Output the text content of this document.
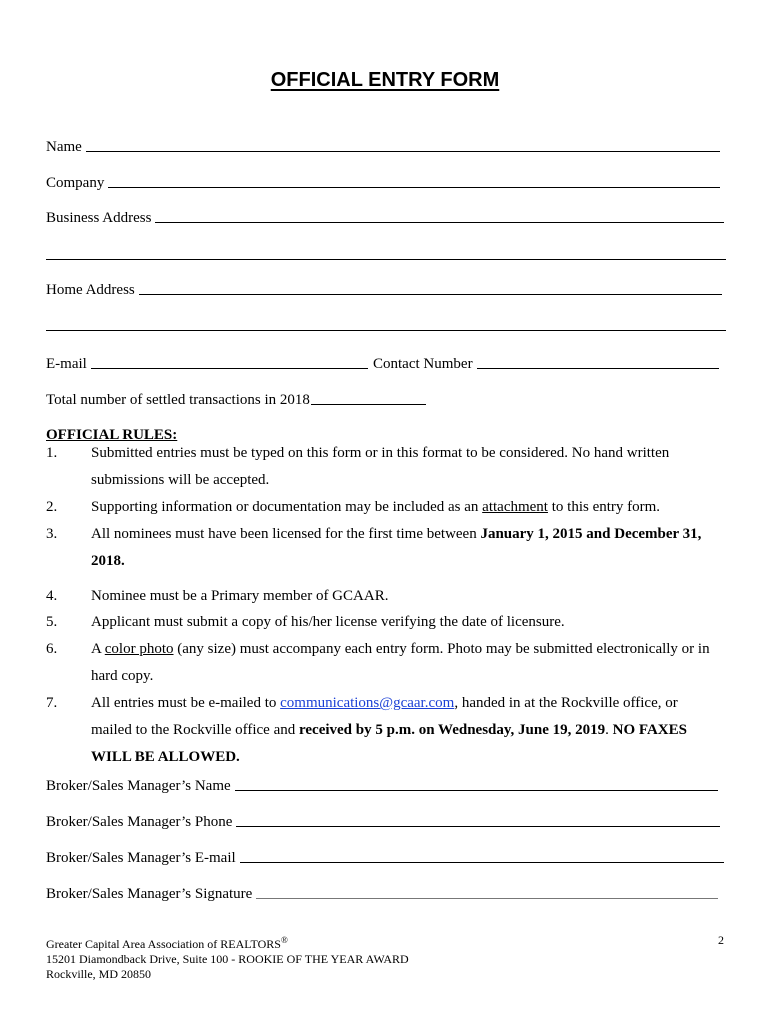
OFFICIAL ENTRY FORM
Name
Company
Business Address
Home Address
E-mail	Contact Number
Total number of settled transactions in 2018
OFFICIAL RULES:
1. Submitted entries must be typed on this form or in this format to be considered. No hand written submissions will be accepted.
2. Supporting information or documentation may be included as an attachment to this entry form.
3. All nominees must have been licensed for the first time between January 1, 2015 and December 31, 2018.
4. Nominee must be a Primary member of GCAAR.
5. Applicant must submit a copy of his/her license verifying the date of licensure.
6. A color photo (any size) must accompany each entry form. Photo may be submitted electronically or in hard copy.
7. All entries must be e-mailed to communications@gcaar.com, handed in at the Rockville office, or mailed to the Rockville office and received by 5 p.m. on Wednesday, June 19, 2019. NO FAXES WILL BE ALLOWED.
Broker/Sales Manager’s Name
Broker/Sales Manager’s Phone
Broker/Sales Manager’s E-mail
Broker/Sales Manager’s Signature
Greater Capital Area Association of REALTORS®
15201 Diamondback Drive, Suite 100 - ROOKIE OF THE YEAR AWARD
Rockville, MD 20850
2
